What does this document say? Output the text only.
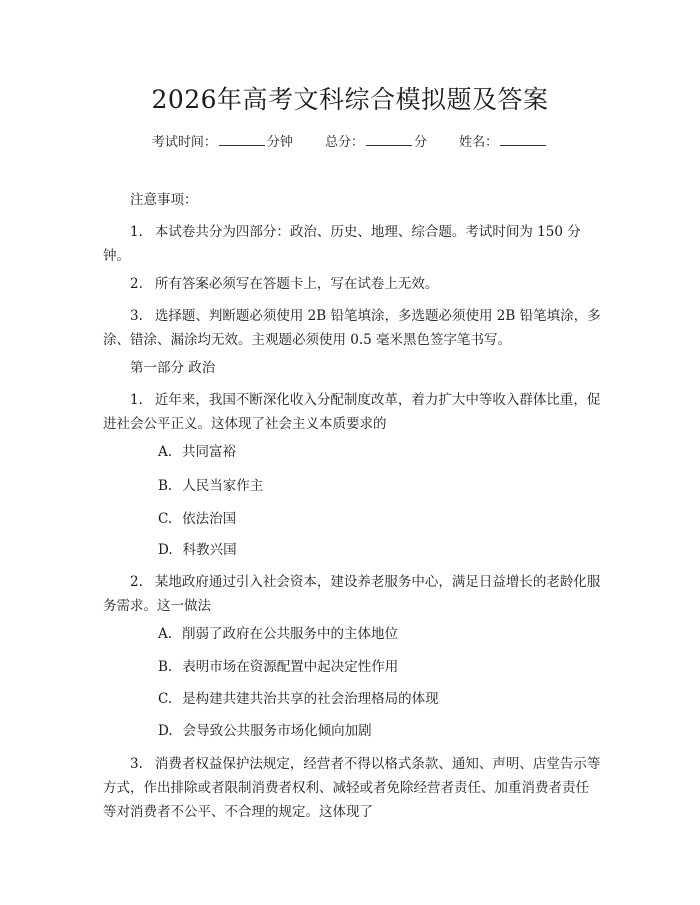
2026年高考文科综合模拟题及答案
考试时间：	分钟 总分：	分 姓名：
注意事项：
1. 本试卷共分为四部分：政治、历史、地理、综合题。考试时间为 150 分钟。
2. 所有答案必须写在答题卡上，写在试卷上无效。
3. 选择题、判断题必须使用 2B 铅笔填涂，多选题必须使用 2B 铅笔填涂，多涂、错涂、漏涂均无效。主观题必须使用 0.5 毫米黑色签字笔书写。
第一部分 政治
1. 近年来，我国不断深化收入分配制度改革，着力扩大中等收入群体比重，促进社会公平正义。这体现了社会主义本质要求的
A. 共同富裕
B. 人民当家作主
C. 依法治国
D. 科教兴国
2. 某地政府通过引入社会资本，建设养老服务中心，满足日益增长的老龄化服务需求。这一做法
A. 削弱了政府在公共服务中的主体地位
B. 表明市场在资源配置中起决定性作用
C. 是构建共建共治共享的社会治理格局的体现
D. 会导致公共服务市场化倾向加剧
3. 消费者权益保护法规定，经营者不得以格式条款、通知、声明、店堂告示等方式，作出排除或者限制消费者权利、减轻或者免除经营者责任、加重消费者责任等对消费者不公平、不合理的规定。这体现了
